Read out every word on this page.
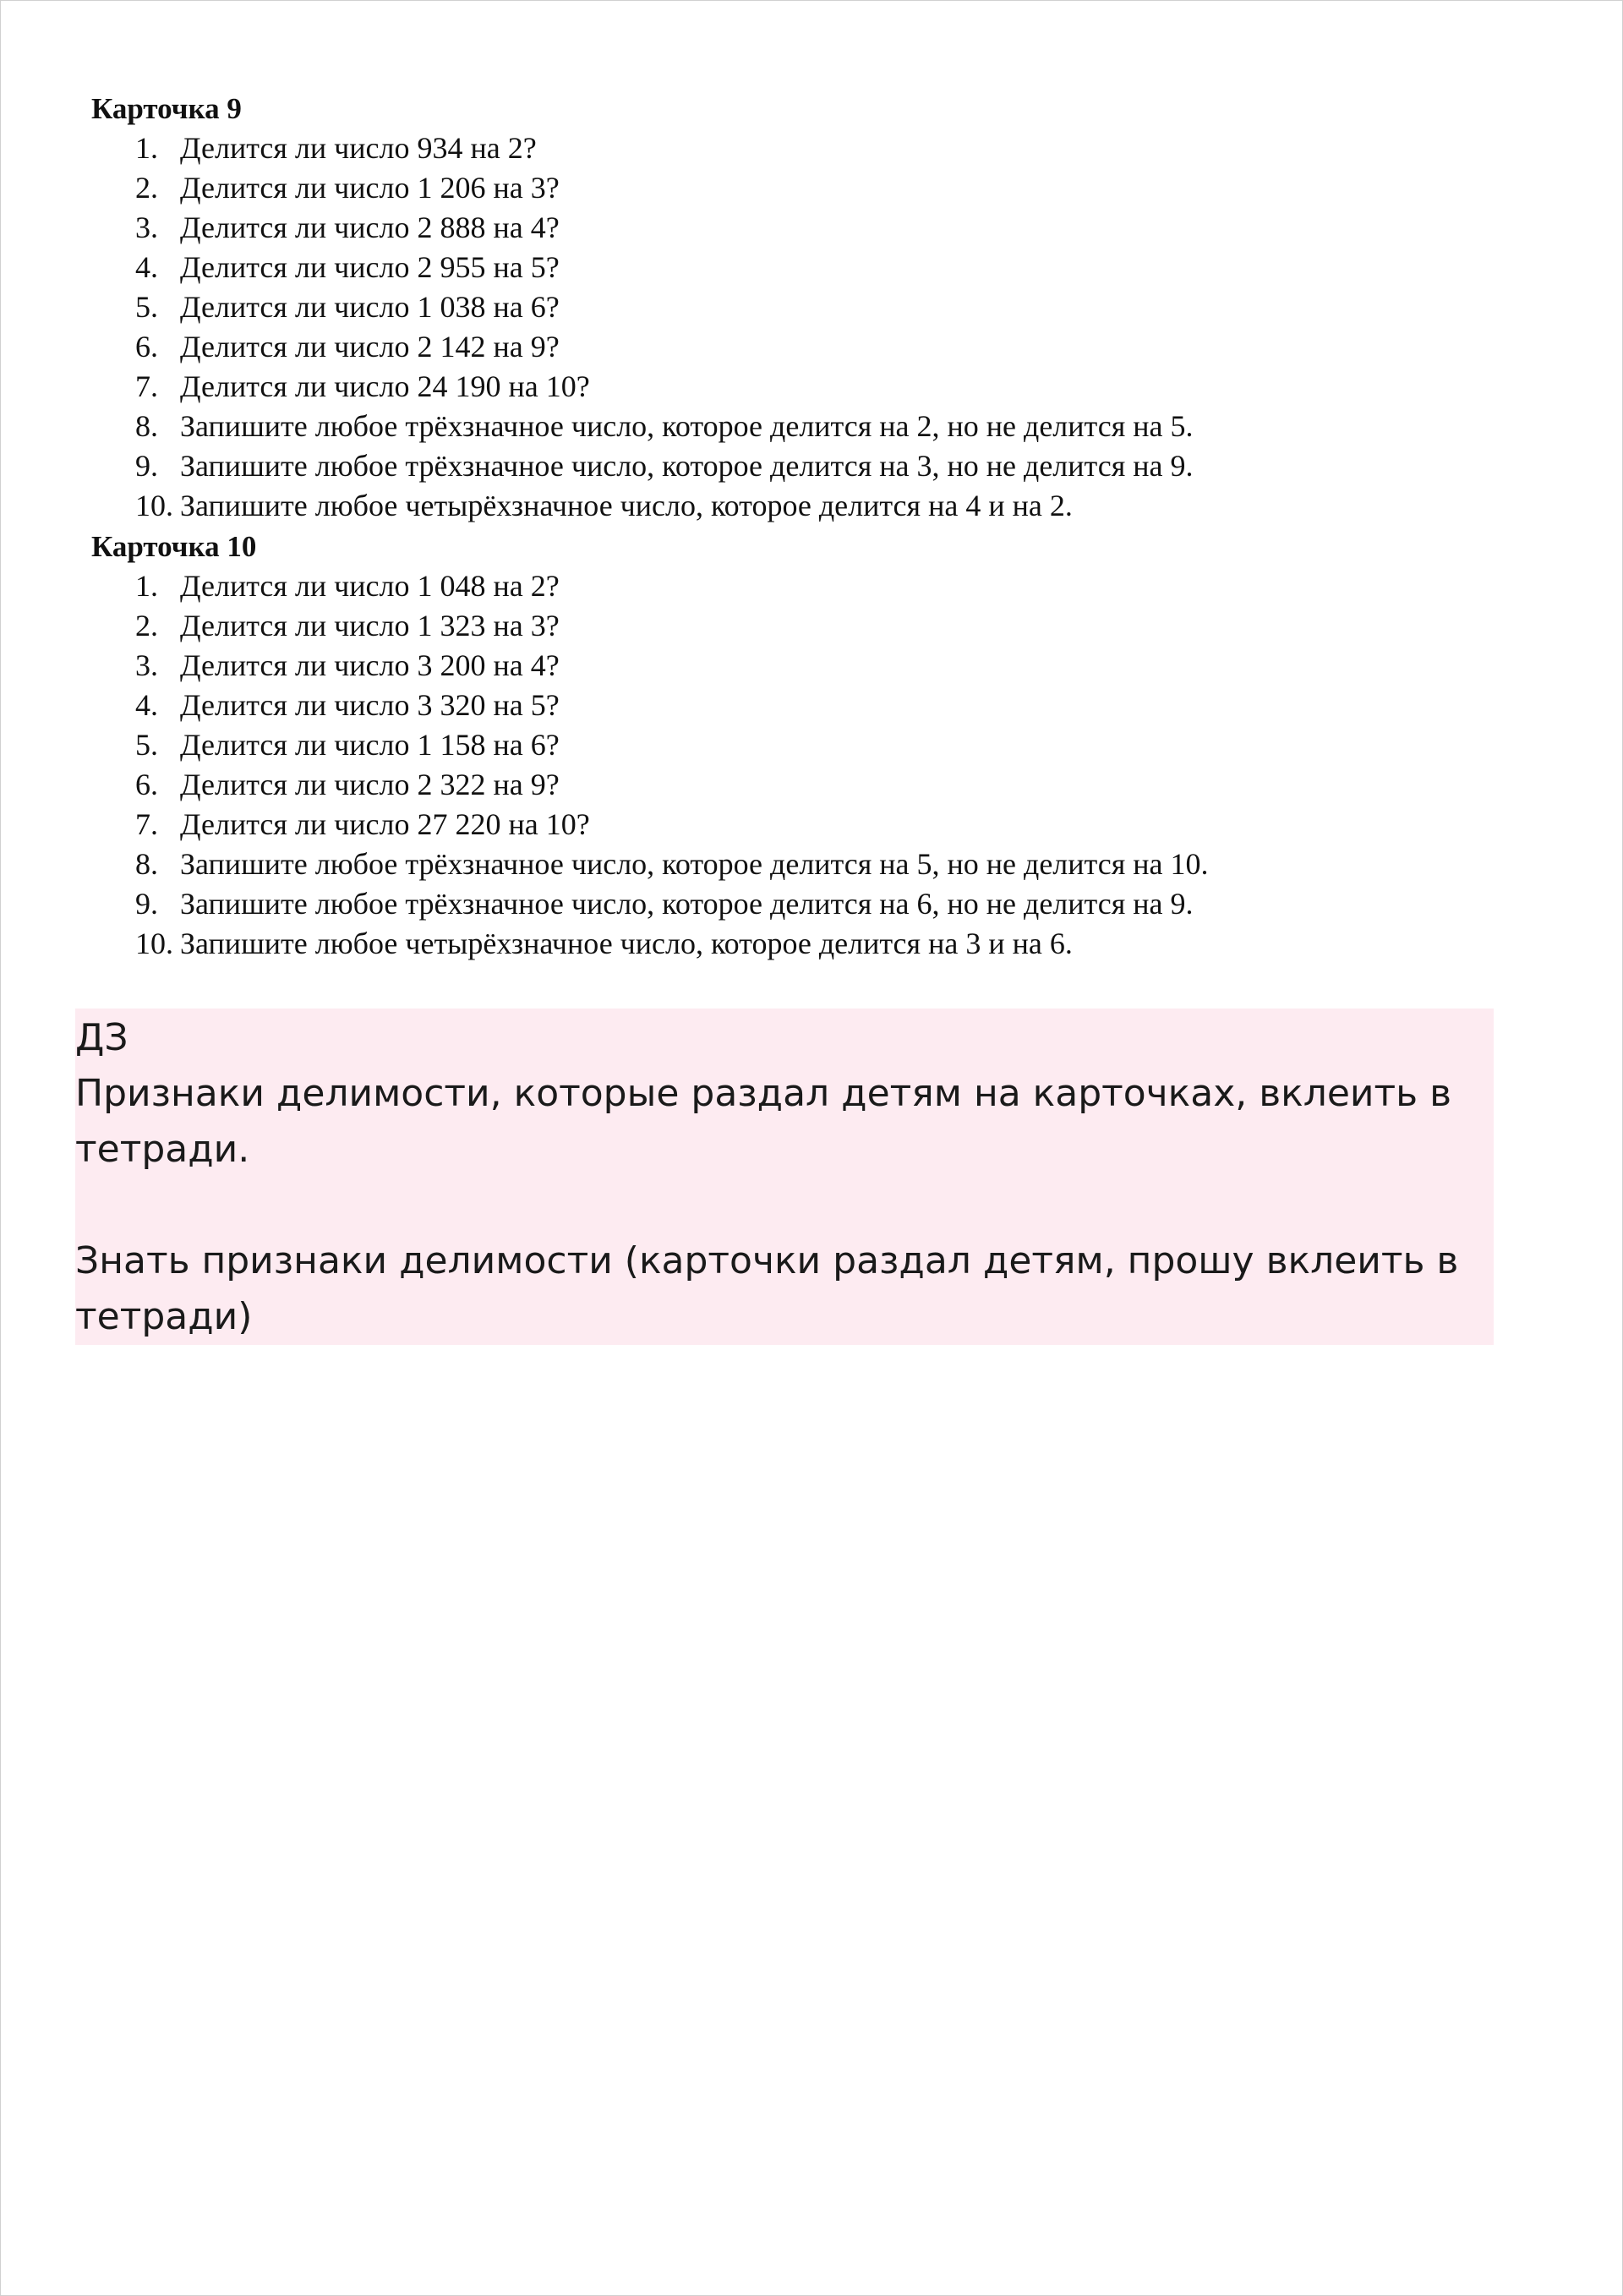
Карточка 9
1. Делится ли число 934 на 2?
2. Делится ли число 1 206 на 3?
3. Делится ли число 2 888 на 4?
4. Делится ли число 2 955 на 5?
5. Делится ли число 1 038 на 6?
6. Делится ли число 2 142 на 9?
7. Делится ли число 24 190 на 10?
8. Запишите любое трёхзначное число, которое делится на 2, но не делится на 5.
9. Запишите любое трёхзначное число, которое делится на 3, но не делится на 9.
10. Запишите любое четырёхзначное число, которое делится на 4 и на 2.
Карточка 10
1. Делится ли число 1 048 на 2?
2. Делится ли число 1 323 на 3?
3. Делится ли число 3 200 на 4?
4. Делится ли число 3 320 на 5?
5. Делится ли число 1 158 на 6?
6. Делится ли число 2 322 на 9?
7. Делится ли число 27 220 на 10?
8. Запишите любое трёхзначное число, которое делится на 5, но не делится на 10.
9. Запишите любое трёхзначное число, которое делится на 6, но не делится на 9.
10. Запишите любое четырёхзначное число, которое делится на 3 и на 6.
ДЗ
Признаки делимости, которые раздал детям на карточках, вклеить в
тетради.
Знать признаки делимости (карточки раздал детям, прошу вклеить в
тетради)
